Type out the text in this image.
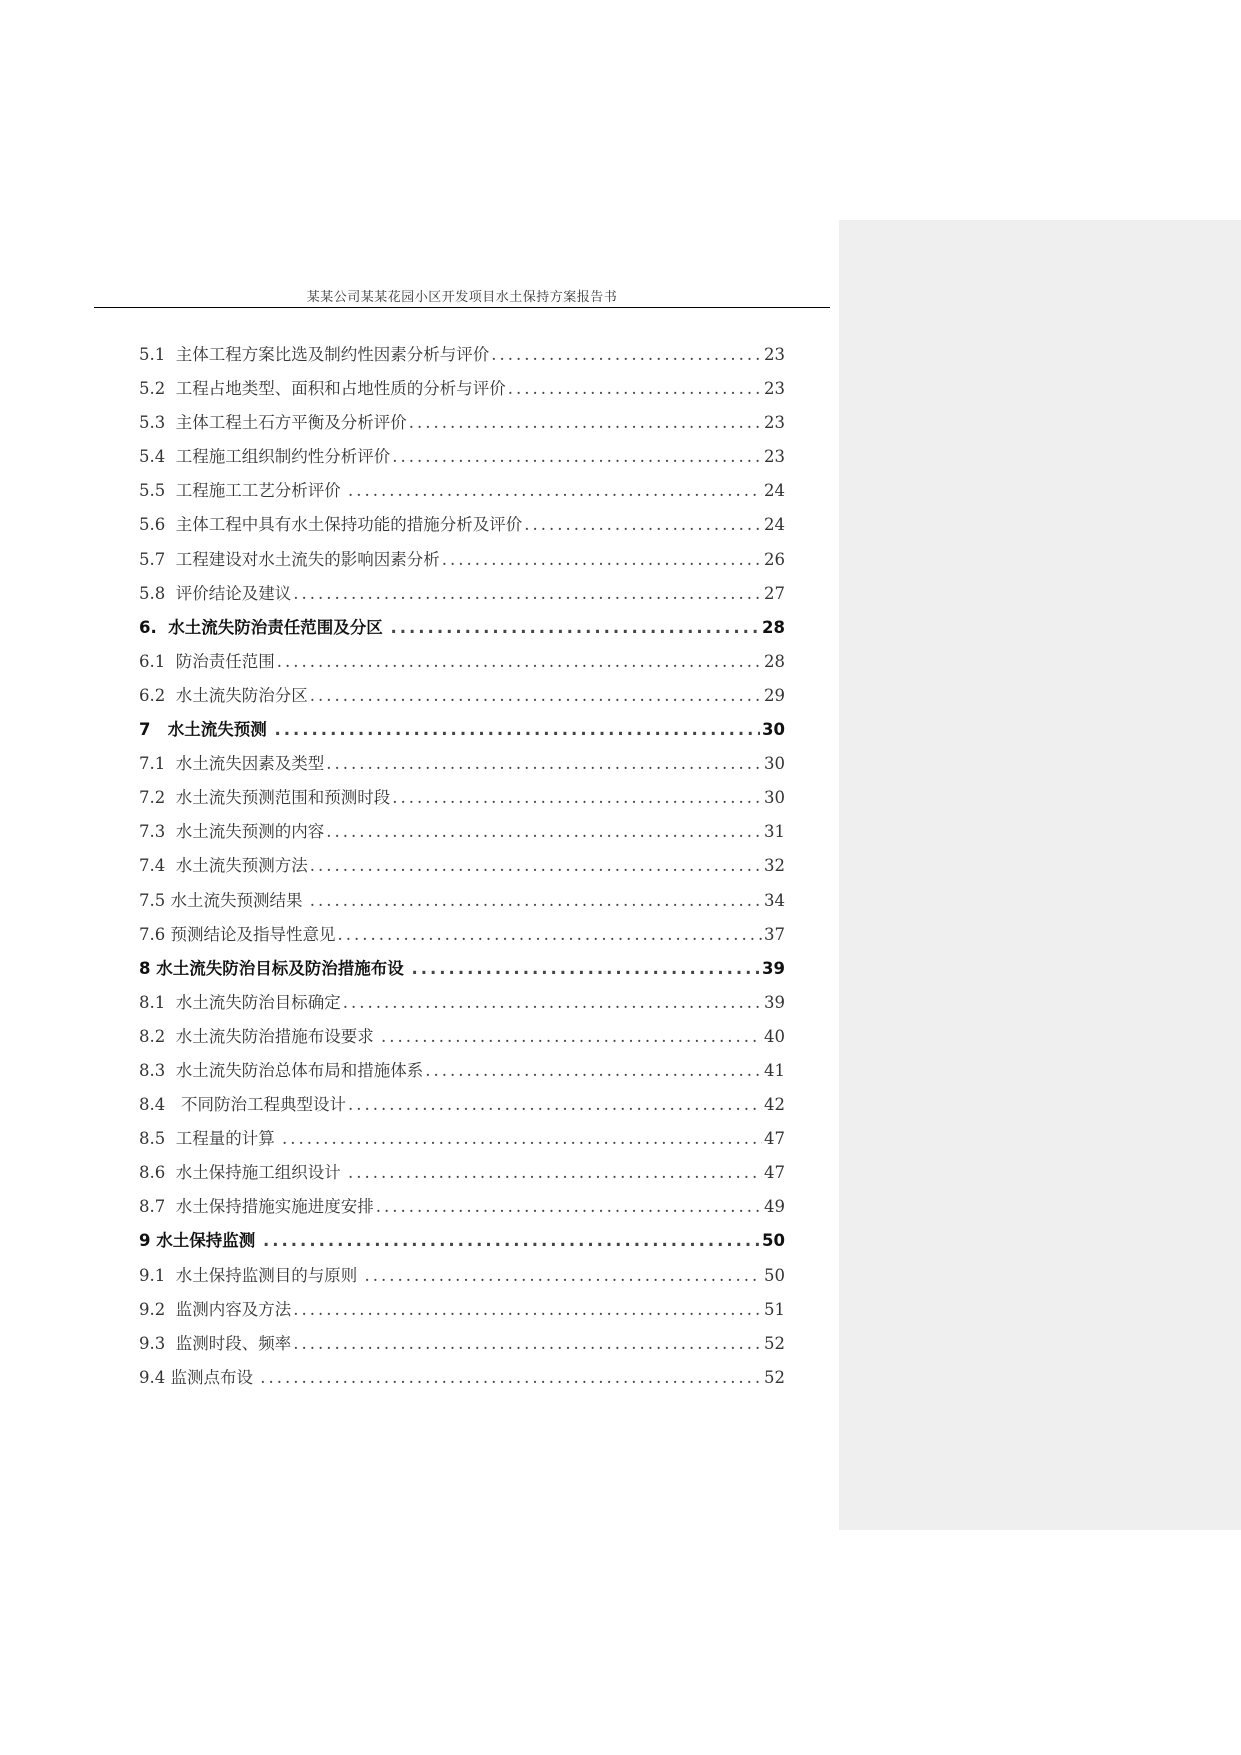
某某公司某某花园小区开发项目水土保持方案报告书
5.1  主体工程方案比选及制约性因素分析与评价 .....	23
5.2  工程占地类型、面积和占地性质的分析与评价 .....	23
5.3  主体工程土石方平衡及分析评价 .....	23
5.4  工程施工组织制约性分析评价 .....	23
5.5  工程施工工艺分析评价 .....	24
5.6  主体工程中具有水土保持功能的措施分析及评价 .....	24
5.7  工程建设对水土流失的影响因素分析 .....	26
5.8  评价结论及建议 .....	27
6.  水土流失防治责任范围及分区 .....	28
6.1  防治责任范围 .....	28
6.2  水土流失防治分区 .....	29
7   水土流失预测 .....	30
7.1  水土流失因素及类型 .....	30
7.2  水土流失预测范围和预测时段 .....	30
7.3  水土流失预测的内容 .....	31
7.4  水土流失预测方法 .....	32
7.5 水土流失预测结果 .....	34
7.6 预测结论及指导性意见 .....	37
8 水土流失防治目标及防治措施布设 .....	39
8.1  水土流失防治目标确定 .....	39
8.2  水土流失防治措施布设要求 .....	40
8.3  水土流失防治总体布局和措施体系 .....	41
8.4   不同防治工程典型设计 .....	42
8.5  工程量的计算 .....	47
8.6  水土保持施工组织设计 .....	47
8.7  水土保持措施实施进度安排 .....	49
9 水土保持监测 .....	50
9.1  水土保持监测目的与原则 .....	50
9.2  监测内容及方法 .....	51
9.3  监测时段、频率 .....	52
9.4 监测点布设 .....	52
